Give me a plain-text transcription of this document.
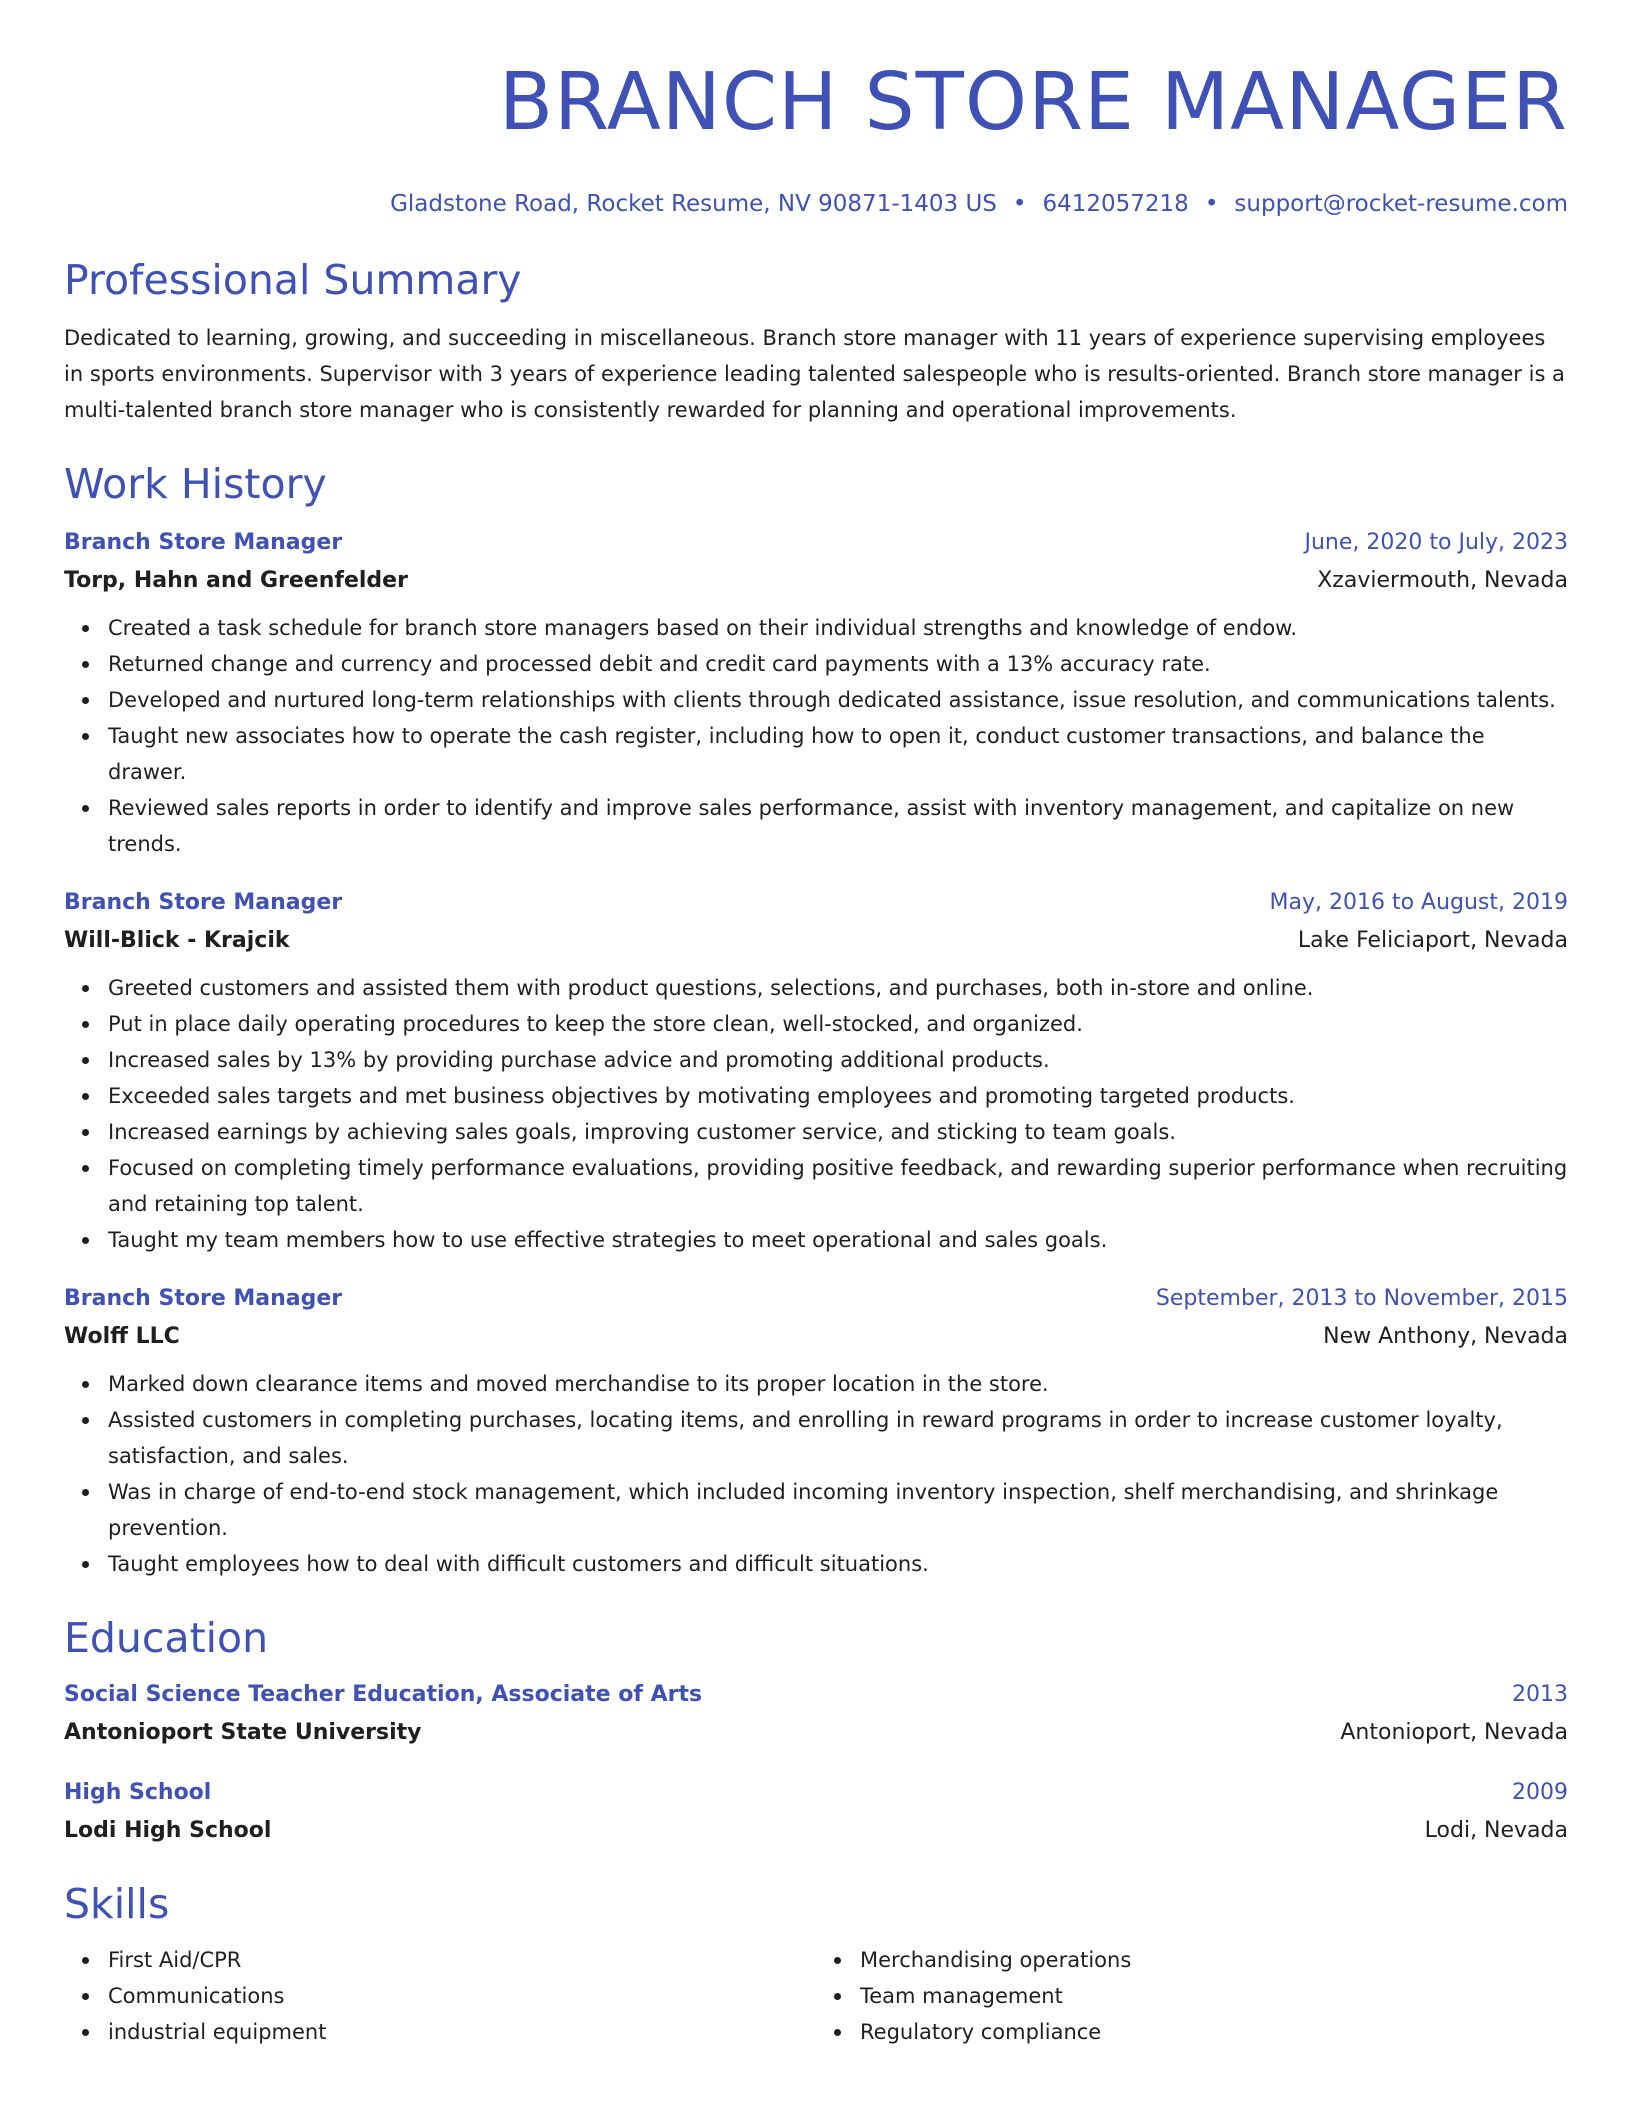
BRANCH STORE MANAGER
Gladstone Road, Rocket Resume, NV 90871-1403 US • 6412057218 • support@rocket-resume.com
Professional Summary
Dedicated to learning, growing, and succeeding in miscellaneous. Branch store manager with 11 years of experience supervising employees in sports environments. Supervisor with 3 years of experience leading talented salespeople who is results-oriented. Branch store manager is a multi-talented branch store manager who is consistently rewarded for planning and operational improvements.
Work History
Branch Store Manager	June, 2020 to July, 2023
Torp, Hahn and Greenfelder	Xzaviermouth, Nevada
Created a task schedule for branch store managers based on their individual strengths and knowledge of endow.
Returned change and currency and processed debit and credit card payments with a 13% accuracy rate.
Developed and nurtured long-term relationships with clients through dedicated assistance, issue resolution, and communications talents.
Taught new associates how to operate the cash register, including how to open it, conduct customer transactions, and balance the drawer.
Reviewed sales reports in order to identify and improve sales performance, assist with inventory management, and capitalize on new trends.
Branch Store Manager	May, 2016 to August, 2019
Will-Blick - Krajcik	Lake Feliciaport, Nevada
Greeted customers and assisted them with product questions, selections, and purchases, both in-store and online.
Put in place daily operating procedures to keep the store clean, well-stocked, and organized.
Increased sales by 13% by providing purchase advice and promoting additional products.
Exceeded sales targets and met business objectives by motivating employees and promoting targeted products.
Increased earnings by achieving sales goals, improving customer service, and sticking to team goals.
Focused on completing timely performance evaluations, providing positive feedback, and rewarding superior performance when recruiting and retaining top talent.
Taught my team members how to use effective strategies to meet operational and sales goals.
Branch Store Manager	September, 2013 to November, 2015
Wolff LLC	New Anthony, Nevada
Marked down clearance items and moved merchandise to its proper location in the store.
Assisted customers in completing purchases, locating items, and enrolling in reward programs in order to increase customer loyalty, satisfaction, and sales.
Was in charge of end-to-end stock management, which included incoming inventory inspection, shelf merchandising, and shrinkage prevention.
Taught employees how to deal with difficult customers and difficult situations.
Education
Social Science Teacher Education, Associate of Arts	2013
Antonioport State University	Antonioport, Nevada
High School	2009
Lodi High School	Lodi, Nevada
Skills
First Aid/CPR
Communications
industrial equipment
Merchandising operations
Team management
Regulatory compliance
